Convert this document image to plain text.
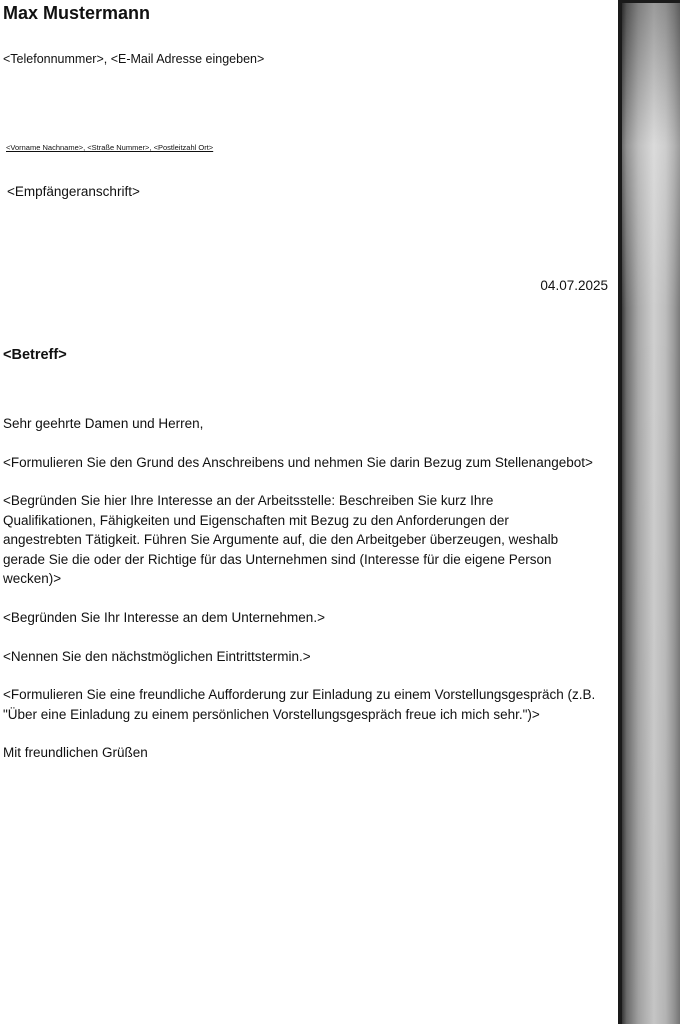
Max Mustermann

<Telefonnummer>, <E-Mail Adresse eingeben>

<Vorname Nachname>, <Straße Nummer>, <Postleitzahl Ort>

<Empfängeranschrift>

04.07.2025

<Betreff>

Sehr geehrte Damen und Herren,

<Formulieren Sie den Grund des Anschreibens und nehmen Sie darin Bezug zum Stellenangebot>

<Begründen Sie hier Ihre Interesse an der Arbeitsstelle: Beschreiben Sie kurz Ihre Qualifikationen, Fähigkeiten und Eigenschaften mit Bezug zu den Anforderungen der angestrebten Tätigkeit. Führen Sie Argumente auf, die den Arbeitgeber überzeugen, weshalb gerade Sie die oder der Richtige für das Unternehmen sind (Interesse für die eigene Person wecken)>

<Begründen Sie Ihr Interesse an dem Unternehmen.>

<Nennen Sie den nächstmöglichen Eintrittstermin.>

<Formulieren Sie eine freundliche Aufforderung zur Einladung zu einem Vorstellungsgespräch (z.B. "Über eine Einladung zu einem persönlichen Vorstellungsgespräch freue ich mich sehr.")>

Mit freundlichen Grüßen
